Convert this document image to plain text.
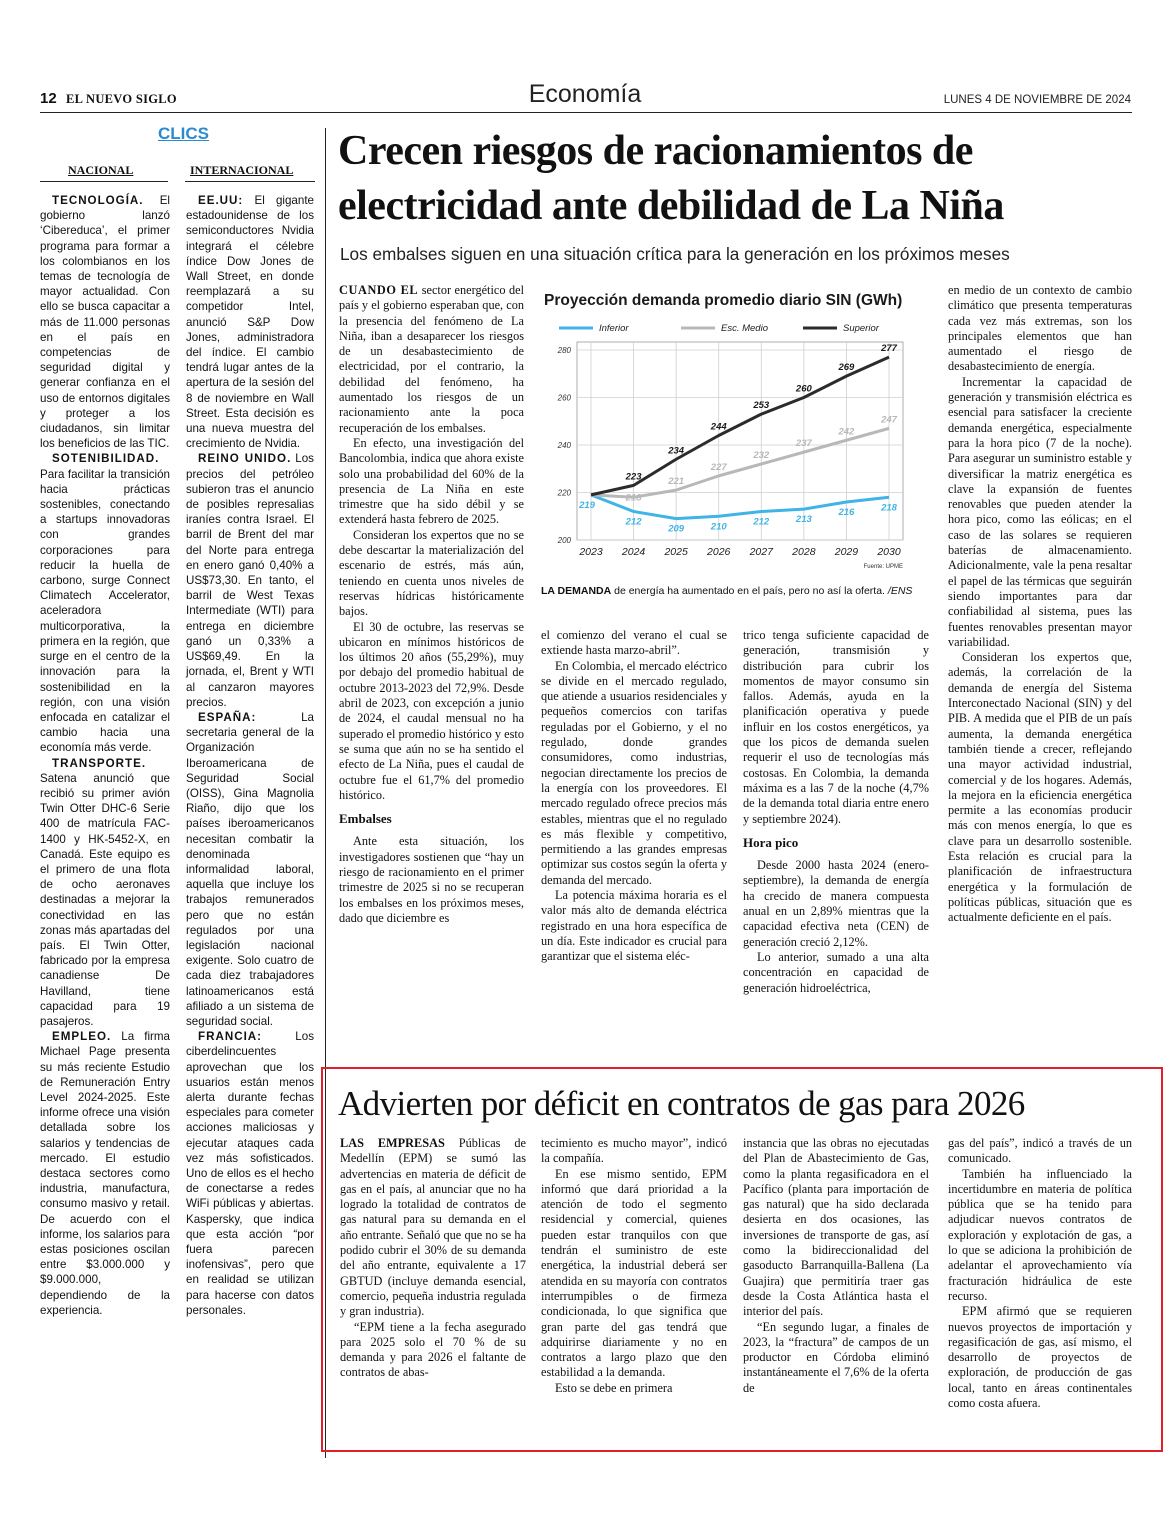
12 EL NUEVO SIGLO	Economía	LUNES 4 DE NOVIEMBRE DE 2024
CLICS
NACIONAL	INTERNACIONAL

TECNOLOGÍA. El gobierno lanzó ‘Cibereduca’, el primer programa para formar a los colombianos en los temas de tecnología de mayor actualidad. Con ello se busca capacitar a más de 11.000 personas en el país en competencias de seguridad digital y generar confianza en el uso de entornos digitales y proteger a los ciudadanos, sin limitar los beneficios de las TIC.

SOTENIBILIDAD. Para facilitar la transición hacia prácticas sostenibles, conectando a startups innovadoras con grandes corporaciones para reducir la huella de carbono, surge Connect Climatech Accelerator, aceleradora multicorporativa, la primera en la región, que surge en el centro de la innovación para la sostenibilidad en la región, con una visión enfocada en catalizar el cambio hacia una economía más verde.

TRANSPORTE. Satena anunció que recibió su primer avión Twin Otter DHC-6 Serie 400 de matrícula FAC-1400 y HK-5452-X, en Canadá. Este equipo es el primero de una flota de ocho aeronaves destinadas a mejorar la conectividad en las zonas más apartadas del país. El Twin Otter, fabricado por la empresa canadiense De Havilland, tiene capacidad para 19 pasajeros.

EMPLEO. La firma Michael Page presenta su más reciente Estudio de Remuneración Entry Level 2024-2025. Este informe ofrece una visión detallada sobre los salarios y tendencias de mercado. El estudio destaca sectores como industria, manufactura, consumo masivo y retail. De acuerdo con el informe, los salarios para estas posiciones oscilan entre $3.000.000 y $9.000.000, dependiendo de la experiencia.

EE.UU: El gigante estadounidense de los semiconductores Nvidia integrará el célebre índice Dow Jones de Wall Street, en donde reemplazará a su competidor Intel, anunció S&P Dow Jones, administradora del índice. El cambio tendrá lugar antes de la apertura de la sesión del 8 de noviembre en Wall Street. Esta decisión es una nueva muestra del crecimiento de Nvidia.

REINO UNIDO. Los precios del petróleo subieron tras el anuncio de posibles represalias iraníes contra Israel. El barril de Brent del mar del Norte para entrega en enero ganó 0,40% a US$73,30. En tanto, el barril de West Texas Intermediate (WTI) para entrega en diciembre ganó un 0,33% a US$69,49. En la jornada, el, Brent y WTI al canzaron mayores precios.

ESPAÑA: La secretaria general de la Organización Iberoamericana de Seguridad Social (OISS), Gina Magnolia Riaño, dijo que los países iberoamericanos necesitan combatir la denominada informalidad laboral, aquella que incluye los trabajos remunerados pero que no están regulados por una legislación nacional exigente. Solo cuatro de cada diez trabajadores latinoamericanos está afiliado a un sistema de seguridad social.

FRANCIA: Los ciberdelincuentes aprovechan que los usuarios están menos alerta durante fechas especiales para cometer acciones maliciosas y ejecutar ataques cada vez más sofisticados. Uno de ellos es el hecho de conectarse a redes WiFi públicas y abiertas. Kaspersky, que indica que esta acción “por fuera parecen inofensivas”, pero que en realidad se utilizan para hacerse con datos personales.

Crecen riesgos de racionamientos de electricidad ante debilidad de La Niña
Los embalses siguen en una situación crítica para la generación en los próximos meses

CUANDO EL sector energético del país y el gobierno esperaban que, con la presencia del fenómeno de La Niña, iban a desaparecer los riesgos de un desabastecimiento de electricidad, por el contrario, la debilidad del fenómeno, ha aumentado los riesgos de un racionamiento ante la poca recuperación de los embalses.

En efecto, una investigación del Bancolombia, indica que ahora existe solo una probabilidad del 60% de la presencia de La Niña en este trimestre que ha sido débil y se extenderá hasta febrero de 2025.

Consideran los expertos que no se debe descartar la materialización del escenario de estrés, más aún, teniendo en cuenta unos niveles de reservas hídricas históricamente bajos.

El 30 de octubre, las reservas se ubicaron en mínimos históricos de los últimos 20 años (55,29%), muy por debajo del promedio habitual de octubre 2013-2023 del 72,9%. Desde abril de 2023, con excepción a junio de 2024, el caudal mensual no ha superado el promedio histórico y esto se suma que aún no se ha sentido el efecto de La Niña, pues el caudal de octubre fue el 61,7% del promedio histórico.

Embalses

Ante esta situación, los investigadores sostienen que “hay un riesgo de racionamiento en el primer trimestre de 2025 si no se recuperan los embalses en los próximos meses, dado que diciembre es

Proyección demanda promedio diario SIN (GWh)
200
220
240
260
280
2023 2024 2025 2026 2027 2028 2029 2030
Inferior	Esc. Medio	Superior
219
212
209	210	212	213
216	218
218
221
227
232
237
242
247
223
234
244
253
260
269
277
Fuente: UPME
LA DEMANDA de energía ha aumentado en el país, pero no así la oferta. /ENS

el comienzo del verano el cual se extiende hasta marzo-abril”.

En Colombia, el mercado eléctrico se divide en el mercado regulado, que atiende a usuarios residenciales y pequeños comercios con tarifas reguladas por el Gobierno, y el no regulado, donde grandes consumidores, como industrias, negocian directamente los precios de la energía con los proveedores. El mercado regulado ofrece precios más estables, mientras que el no regulado es más flexible y competitivo, permitiendo a las grandes empresas optimizar sus costos según la oferta y demanda del mercado.

La potencia máxima horaria es el valor más alto de demanda eléctrica registrado en una hora específica de un día. Este indicador es crucial para garantizar que el sistema eléc-

trico tenga suficiente capacidad de generación, transmisión y distribución para cubrir los momentos de mayor consumo sin fallos. Además, ayuda en la planificación operativa y puede influir en los costos energéticos, ya que los picos de demanda suelen requerir el uso de tecnologías más costosas. En Colombia, la demanda máxima es a las 7 de la noche (4,7% de la demanda total diaria entre enero y septiembre 2024).

Hora pico

Desde 2000 hasta 2024 (enero-septiembre), la demanda de energía ha crecido de manera compuesta anual en un 2,89% mientras que la capacidad efectiva neta (CEN) de generación creció 2,12%.

Lo anterior, sumado a una alta concentración en capacidad de generación hidroeléctrica,

en medio de un contexto de cambio climático que presenta temperaturas cada vez más extremas, son los principales elementos que han aumentado el riesgo de desabastecimiento de energía.

Incrementar la capacidad de generación y transmisión eléctrica es esencial para satisfacer la creciente demanda energética, especialmente para la hora pico (7 de la noche). Para asegurar un suministro estable y diversificar la matriz energética es clave la expansión de fuentes renovables que pueden atender la hora pico, como las eólicas; en el caso de las solares se requieren baterías de almacenamiento. Adicionalmente, vale la pena resaltar el papel de las térmicas que seguirán siendo importantes para dar confiabilidad al sistema, pues las fuentes renovables presentan mayor variabilidad.

Consideran los expertos que, además, la correlación de la demanda de energía del Sistema Interconectado Nacional (SIN) y del PIB. A medida que el PIB de un país aumenta, la demanda energética también tiende a crecer, reflejando una mayor actividad industrial, comercial y de los hogares. Además, la mejora en la eficiencia energética permite a las economías producir más con menos energía, lo que es clave para un desarrollo sostenible. Esta relación es crucial para la planificación de infraestructura energética y la formulación de políticas públicas, situación que es actualmente deficiente en el país.

Advierten por déficit en contratos de gas para 2026

LAS EMPRESAS Públicas de Medellín (EPM) se sumó las advertencias en materia de déficit de gas en el país, al anunciar que no ha logrado la totalidad de contratos de gas natural para su demanda en el año entrante. Señaló que que no se ha podido cubrir el 30% de su demanda del año entrante, equivalente a 17 GBTUD (incluye demanda esencial, comercio, pequeña industria regulada y gran industria).

“EPM tiene a la fecha asegurado para 2025 solo el 70 % de su demanda y para 2026 el faltante de contratos de abas-

tecimiento es mucho mayor”, indicó la compañía.

En ese mismo sentido, EPM informó que dará prioridad a la atención de todo el segmento residencial y comercial, quienes pueden estar tranquilos con que tendrán el suministro de este energética, la industrial deberá ser atendida en su mayoría con contratos interrumpibles o de firmeza condicionada, lo que significa que gran parte del gas tendrá que adquirirse diariamente y no en contratos a largo plazo que den estabilidad a la demanda.

Esto se debe en primera

instancia que las obras no ejecutadas del Plan de Abastecimiento de Gas, como la planta regasificadora en el Pacífico (planta para importación de gas natural) que ha sido declarada desierta en dos ocasiones, las inversiones de transporte de gas, así como la bidireccionalidad del gasoducto Barranquilla-Ballena (La Guajira) que permitiría traer gas desde la Costa Atlántica hasta el interior del país.

“En segundo lugar, a finales de 2023, la “fractura” de campos de un productor en Córdoba eliminó instantáneamente el 7,6% de la oferta de

gas del país”, indicó a través de un comunicado.

También ha influenciado la incertidumbre en materia de política pública que se ha tenido para adjudicar nuevos contratos de exploración y explotación de gas, a lo que se adiciona la prohibición de adelantar el aprovechamiento vía fracturación hidráulica de este recurso.

EPM afirmó que se requieren nuevos proyectos de importación y regasificación de gas, así mismo, el desarrollo de proyectos de exploración, de producción de gas local, tanto en áreas continentales como costa afuera.
